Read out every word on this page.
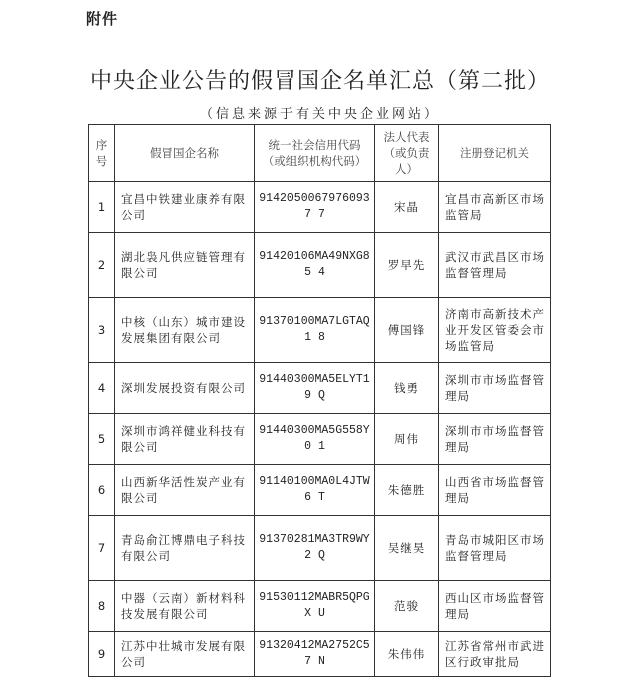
附件
中央企业公告的假冒国企名单汇总（第二批）
（信息来源于有关中央企业网站）
序号	假冒国企名称	统一社会信用代码（或组织机构代码）	法人代表（或负责人）	注册登记机关
1	宜昌中铁建业康养有限公司	91420500679760937 7	宋晶	宜昌市高新区市场监管局
2	湖北袅凡供应链管理有限公司	91420106MA49NXG85 4	罗早先	武汉市武昌区市场监督管理局
3	中核（山东）城市建设发展集团有限公司	91370100MA7LGTAQ1 8	傅国锋	济南市高新技术产业开发区管委会市场监管局
4	深圳发展投资有限公司	91440300MA5ELYT19 Q	钱勇	深圳市市场监督管理局
5	深圳市鸿祥健业科技有限公司	91440300MA5G558Y0 1	周伟	深圳市市场监督管理局
6	山西新华活性炭产业有限公司	91140100MA0L4JTW6 T	朱德胜	山西省市场监督管理局
7	青岛俞江博鼎电子科技有限公司	91370281MA3TR9WY2 Q	吴继昊	青岛市城阳区市场监督管理局
8	中器（云南）新材料科技发展有限公司	91530112MABR5QPGX U	范骏	西山区市场监督管理局
9	江苏中壮城市发展有限公司	91320412MA2752C57 N	朱伟伟	江苏省常州市武进区行政审批局
